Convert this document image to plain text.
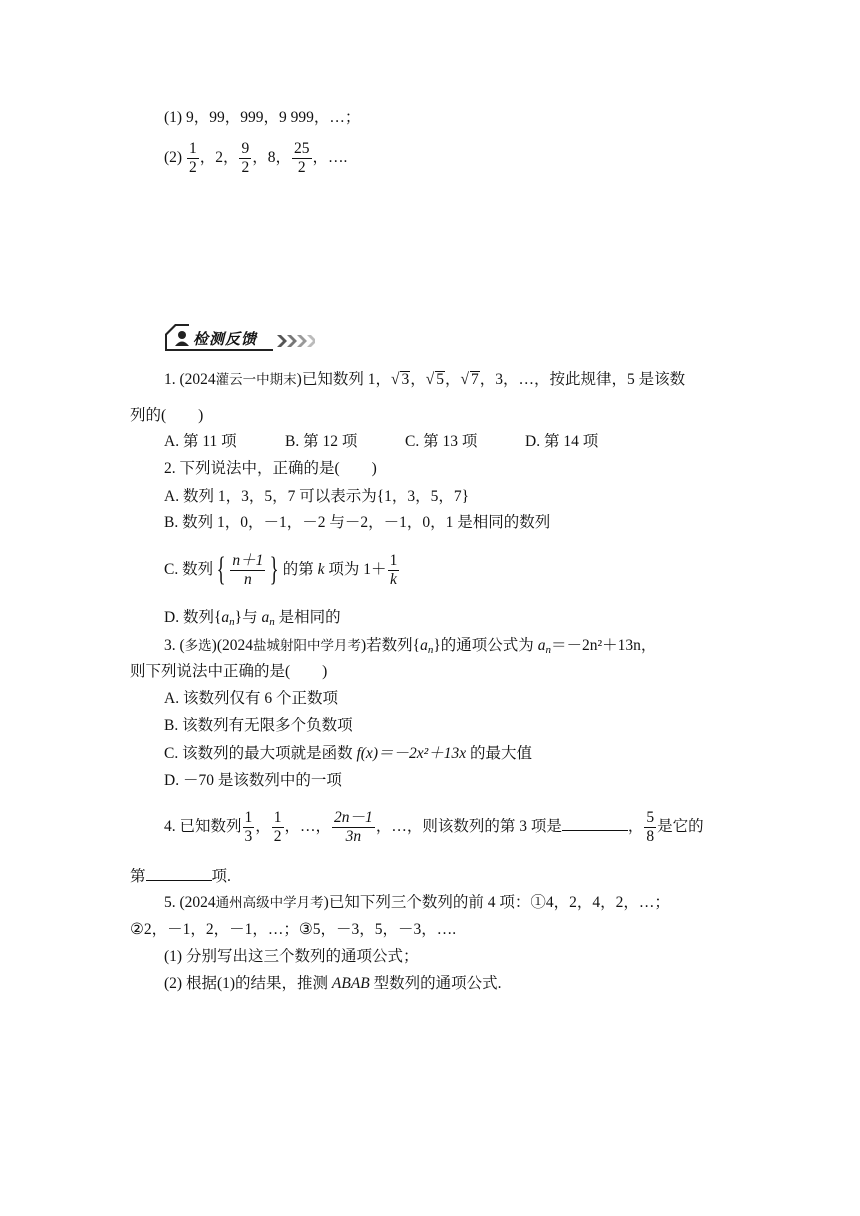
(1) 9，99，999，9 999，…；
$(2) \frac{1}{2}$ ，2， $\frac{9}{2}$ ，8， $\frac{25}{2}$ ，….
检测反馈
1. (2024灌云一中期末)已知数列 1，√ 3，√ 5，√ 7，3，…，按此规律，5 是该数
列的( )
A. 第 11 项	B. 第 12 项	C. 第 13 项	D. 第 14 项
2. 下列说法中，正确的是( )
A. 数列 1，3，5，7 可以表示为{1，3，5，7}
B. 数列 1，0，－1，－2 与－2，－1，0，1 是相同的数列
C. 数列 { $\frac{n+1}{n}$ } 的第 k 项为 $1+ \frac{1}{k}$
D. 数列$\{a_n\}$与 $a_n$ 是相同的
3. (多选)(2024盐城射阳中学月考)若数列$\{a_n\}$的通项公式为 $a_n=-2n^2+13n$，
则下列说法中正确的是( )
A. 该数列仅有 6 个正数项
B. 该数列有无限多个负数项
C. 该数列的最大项就是函数 f(x)＝－2x²＋13x 的最大值
D. －70 是该数列中的一项
4. 已知数列 $\frac{1}{3}$ ， $\frac{1}{2}$ ，…， $\frac{2n-1}{3n}$ ，…，则该数列的第 3 项是	， $\frac{5}{8}$ 是它的
第	项.
5. (2024通州高级中学月考)已知下列三个数列的前 4 项：①4，2，4，2，…；
②2，－1，2，－1，…；③5，－3，5，－3，….
(1) 分别写出这三个数列的通项公式；
(2) 根据(1)的结果，推测 ABAB 型数列的通项公式.
